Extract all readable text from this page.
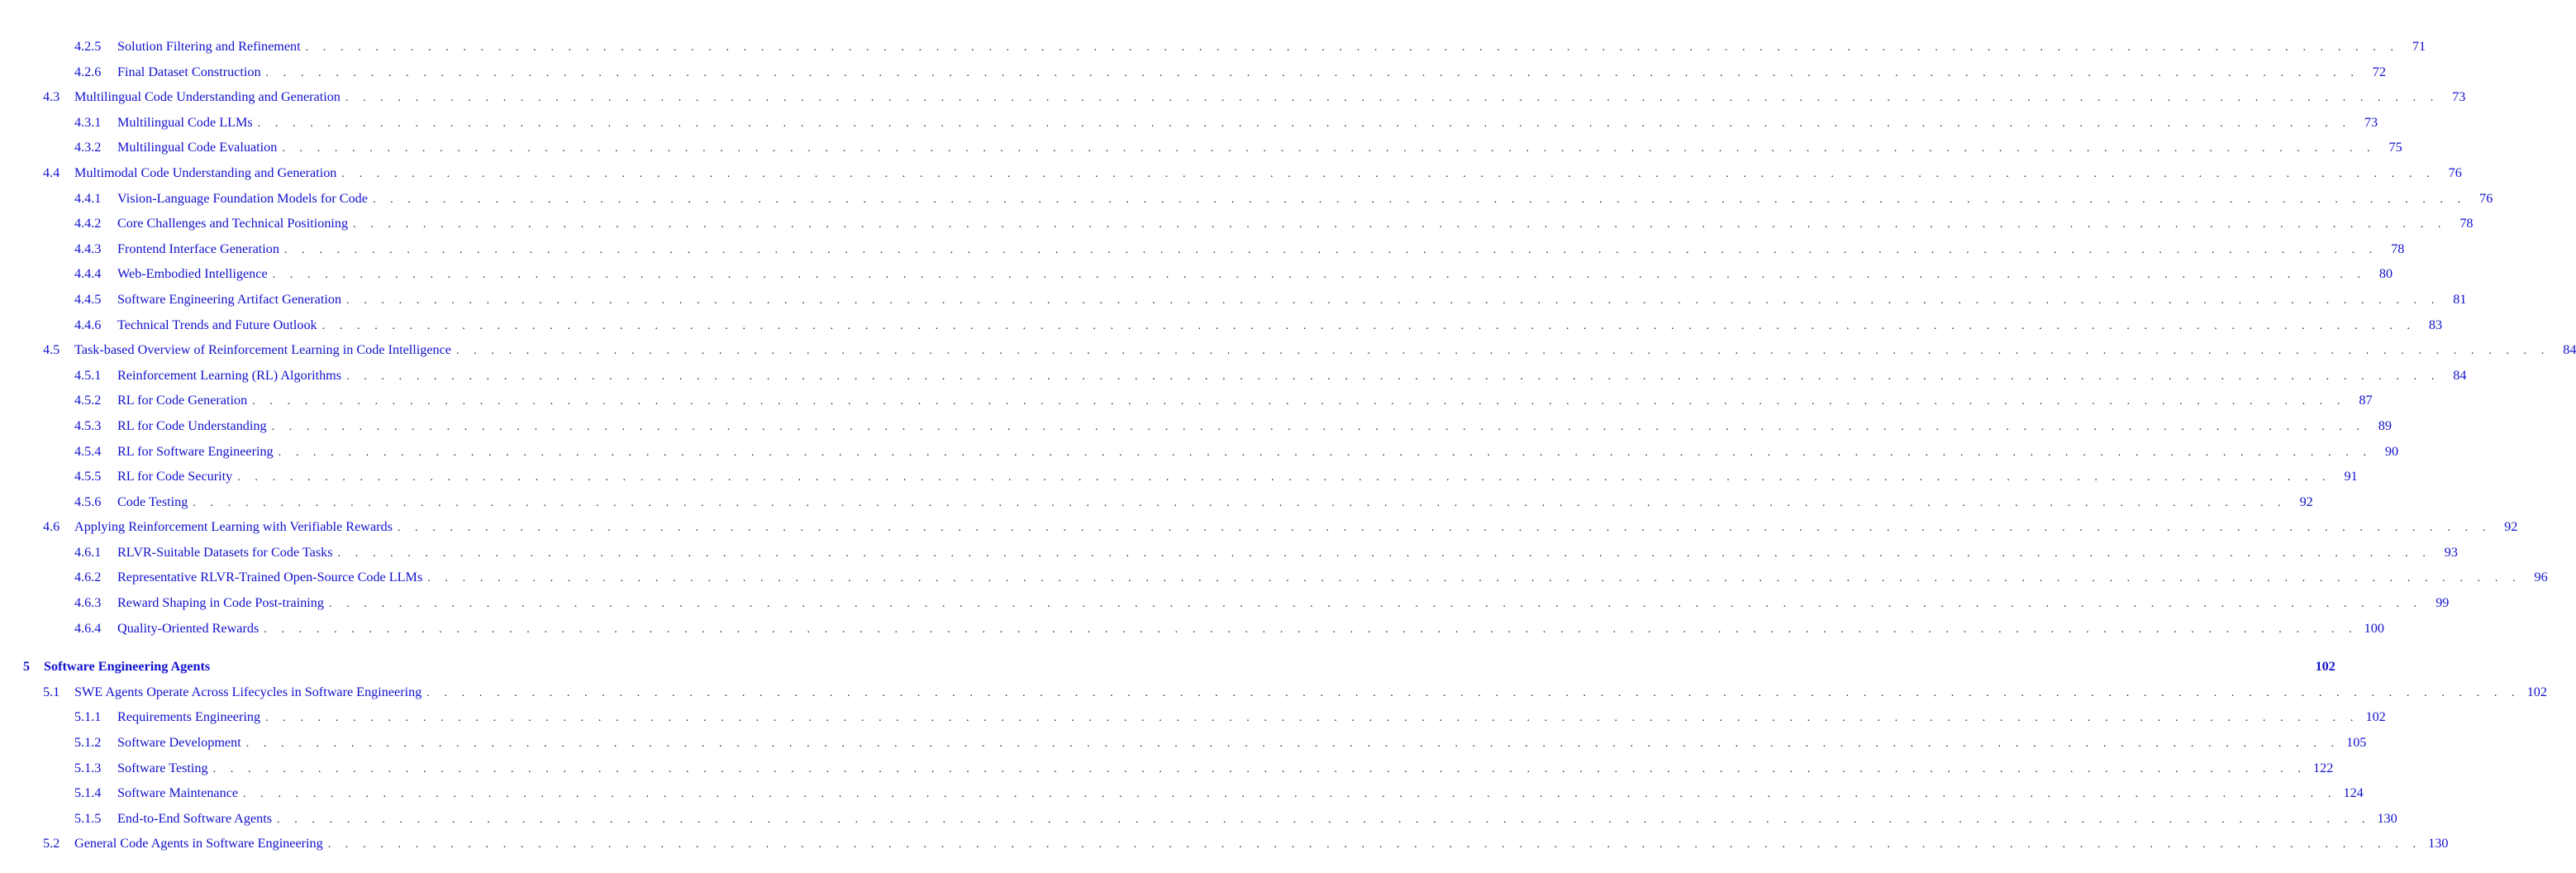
4.2.5 Solution Filtering and Refinement . . . . . . . . . . . . . . . . . . . . . . . . . . . . . . . . . . . . . . . . . . . . . . . . . . . . . . . . . . . . . . . . . . . . . . . . . . . . . . . . . . . . . . . . . . . . . . . . . . . . . . . . . . . . . . . . . . . . . . . . 71
4.2.6 Final Dataset Construction . . . . . . . . . . . . . . . . . . . . . . . . . . . . . . . . . . . . . . . . . . . . . . . . . . . . . . . . . . . . . . . . . . . . . . . . . . . . . . . . . . . . . . . . . . . . . . . . . . . . . . . . . . . . . . . . . . . . . . . . 72
4.3 Multilingual Code Understanding and Generation . . . . . . . . . . . . . . . . . . . . . . . . . . . . . . . . . . . . . . . . . . . . . . . . . . . . . . . . . . . . . . . . . . . . . . . . . . . . . . . . . . . . . . . . . . . . . . . . . . . . . . . . . . . . . . . . . . . . . . . . 73
4.3.1 Multilingual Code LLMs . . . . . . . . . . . . . . . . . . . . . . . . . . . . . . . . . . . . . . . . . . . . . . . . . . . . . . . . . . . . . . . . . . . . . . . . . . . . . . . . . . . . . . . . . . . . . . . . . . . . . . . . . . . . . . . . . . . . . . . . 73
4.3.2 Multilingual Code Evaluation . . . . . . . . . . . . . . . . . . . . . . . . . . . . . . . . . . . . . . . . . . . . . . . . . . . . . . . . . . . . . . . . . . . . . . . . . . . . . . . . . . . . . . . . . . . . . . . . . . . . . . . . . . . . . . . . . . . . . . . . 75
4.4 Multimodal Code Understanding and Generation . . . . . . . . . . . . . . . . . . . . . . . . . . . . . . . . . . . . . . . . . . . . . . . . . . . . . . . . . . . . . . . . . . . . . . . . . . . . . . . . . . . . . . . . . . . . . . . . . . . . . . . . . . . . . . . . . . . . . . . . 76
4.4.1 Vision-Language Foundation Models for Code . . . . . . . . . . . . . . . . . . . . . . . . . . . . . . . . . . . . . . . . . . . . . . . . . . . . . . . . . . . . . . . . . . . . . . . . . . . . . . . . . . . . . . . . . . . . . . . . . . . . . . . . . . . . . . . . . . . . . . . . 76
4.4.2 Core Challenges and Technical Positioning . . . . . . . . . . . . . . . . . . . . . . . . . . . . . . . . . . . . . . . . . . . . . . . . . . . . . . . . . . . . . . . . . . . . . . . . . . . . . . . . . . . . . . . . . . . . . . . . . . . . . . . . . . . . . . . . . . . . . . . . 78
4.4.3 Frontend Interface Generation . . . . . . . . . . . . . . . . . . . . . . . . . . . . . . . . . . . . . . . . . . . . . . . . . . . . . . . . . . . . . . . . . . . . . . . . . . . . . . . . . . . . . . . . . . . . . . . . . . . . . . . . . . . . . . . . . . . . . . . . 78
4.4.4 Web-Embodied Intelligence . . . . . . . . . . . . . . . . . . . . . . . . . . . . . . . . . . . . . . . . . . . . . . . . . . . . . . . . . . . . . . . . . . . . . . . . . . . . . . . . . . . . . . . . . . . . . . . . . . . . . . . . . . . . . . . . . . . . . . . . 80
4.4.5 Software Engineering Artifact Generation . . . . . . . . . . . . . . . . . . . . . . . . . . . . . . . . . . . . . . . . . . . . . . . . . . . . . . . . . . . . . . . . . . . . . . . . . . . . . . . . . . . . . . . . . . . . . . . . . . . . . . . . . . . . . . . . . . . . . . . . 81
4.4.6 Technical Trends and Future Outlook . . . . . . . . . . . . . . . . . . . . . . . . . . . . . . . . . . . . . . . . . . . . . . . . . . . . . . . . . . . . . . . . . . . . . . . . . . . . . . . . . . . . . . . . . . . . . . . . . . . . . . . . . . . . . . . . . . . . . . . . 83
4.5 Task-based Overview of Reinforcement Learning in Code Intelligence . . . . . . . . . . . . . . . . . . . . . . . . . . . . . . . . . . . . . . . . . . . . . . . . . . . . . . . . . . . . . . . . . . . . . . . . . . . . . . . . . . . . . . . . . . . . . . . . . . . . . . . . . . . . . . . . . . . . . . . . 84
4.5.1 Reinforcement Learning (RL) Algorithms . . . . . . . . . . . . . . . . . . . . . . . . . . . . . . . . . . . . . . . . . . . . . . . . . . . . . . . . . . . . . . . . . . . . . . . . . . . . . . . . . . . . . . . . . . . . . . . . . . . . . . . . . . . . . . . . . . . . . . . . 84
4.5.2 RL for Code Generation . . . . . . . . . . . . . . . . . . . . . . . . . . . . . . . . . . . . . . . . . . . . . . . . . . . . . . . . . . . . . . . . . . . . . . . . . . . . . . . . . . . . . . . . . . . . . . . . . . . . . . . . . . . . . . . . . . . . . . . . 87
4.5.3 RL for Code Understanding . . . . . . . . . . . . . . . . . . . . . . . . . . . . . . . . . . . . . . . . . . . . . . . . . . . . . . . . . . . . . . . . . . . . . . . . . . . . . . . . . . . . . . . . . . . . . . . . . . . . . . . . . . . . . . . . . . . . . . . . 89
4.5.4 RL for Software Engineering . . . . . . . . . . . . . . . . . . . . . . . . . . . . . . . . . . . . . . . . . . . . . . . . . . . . . . . . . . . . . . . . . . . . . . . . . . . . . . . . . . . . . . . . . . . . . . . . . . . . . . . . . . . . . . . . . . . . . . . . 90
4.5.5 RL for Code Security . . . . . . . . . . . . . . . . . . . . . . . . . . . . . . . . . . . . . . . . . . . . . . . . . . . . . . . . . . . . . . . . . . . . . . . . . . . . . . . . . . . . . . . . . . . . . . . . . . . . . . . . . . . . . . . . . . . . . . . . 91
4.5.6 Code Testing . . . . . . . . . . . . . . . . . . . . . . . . . . . . . . . . . . . . . . . . . . . . . . . . . . . . . . . . . . . . . . . . . . . . . . . . . . . . . . . . . . . . . . . . . . . . . . . . . . . . . . . . . . . . . . . . . . . . . . . . 92
4.6 Applying Reinforcement Learning with Verifiable Rewards . . . . . . . . . . . . . . . . . . . . . . . . . . . . . . . . . . . . . . . . . . . . . . . . . . . . . . . . . . . . . . . . . . . . . . . . . . . . . . . . . . . . . . . . . . . . . . . . . . . . . . . . . . . . . . . . . . . . . . . . 92
4.6.1 RLVR-Suitable Datasets for Code Tasks . . . . . . . . . . . . . . . . . . . . . . . . . . . . . . . . . . . . . . . . . . . . . . . . . . . . . . . . . . . . . . . . . . . . . . . . . . . . . . . . . . . . . . . . . . . . . . . . . . . . . . . . . . . . . . . . . . . . . . . . 93
4.6.2 Representative RLVR-Trained Open-Source Code LLMs . . . . . . . . . . . . . . . . . . . . . . . . . . . . . . . . . . . . . . . . . . . . . . . . . . . . . . . . . . . . . . . . . . . . . . . . . . . . . . . . . . . . . . . . . . . . . . . . . . . . . . . . . . . . . . . . . . . . . . . . 96
4.6.3 Reward Shaping in Code Post-training . . . . . . . . . . . . . . . . . . . . . . . . . . . . . . . . . . . . . . . . . . . . . . . . . . . . . . . . . . . . . . . . . . . . . . . . . . . . . . . . . . . . . . . . . . . . . . . . . . . . . . . . . . . . . . . . . . . . . . . . 99
4.6.4 Quality-Oriented Rewards . . . . . . . . . . . . . . . . . . . . . . . . . . . . . . . . . . . . . . . . . . . . . . . . . . . . . . . . . . . . . . . . . . . . . . . . . . . . . . . . . . . . . . . . . . . . . . . . . . . . . . . . . . . . . . . . . . . . . . . . 100
5 Software Engineering Agents	102
5.1 SWE Agents Operate Across Lifecycles in Software Engineering . . . . . . . . . . . . . . . . . . . . . . . . . . . . . . . . . . . . . . . . . . . . . . . . . . . . . . . . . . . . . . . . . . . . . . . . . . . . . . . . . . . . . . . . . . . . . . . . . . . . . . . . . . . . . . . . . . . . . . . . 102
5.1.1 Requirements Engineering . . . . . . . . . . . . . . . . . . . . . . . . . . . . . . . . . . . . . . . . . . . . . . . . . . . . . . . . . . . . . . . . . . . . . . . . . . . . . . . . . . . . . . . . . . . . . . . . . . . . . . . . . . . . . . . . . . . . . . . . 102
5.1.2 Software Development . . . . . . . . . . . . . . . . . . . . . . . . . . . . . . . . . . . . . . . . . . . . . . . . . . . . . . . . . . . . . . . . . . . . . . . . . . . . . . . . . . . . . . . . . . . . . . . . . . . . . . . . . . . . . . . . . . . . . . . . 105
5.1.3 Software Testing . . . . . . . . . . . . . . . . . . . . . . . . . . . . . . . . . . . . . . . . . . . . . . . . . . . . . . . . . . . . . . . . . . . . . . . . . . . . . . . . . . . . . . . . . . . . . . . . . . . . . . . . . . . . . . . . . . . . . . . . 122
5.1.4 Software Maintenance . . . . . . . . . . . . . . . . . . . . . . . . . . . . . . . . . . . . . . . . . . . . . . . . . . . . . . . . . . . . . . . . . . . . . . . . . . . . . . . . . . . . . . . . . . . . . . . . . . . . . . . . . . . . . . . . . . . . . . . . 124
5.1.5 End-to-End Software Agents . . . . . . . . . . . . . . . . . . . . . . . . . . . . . . . . . . . . . . . . . . . . . . . . . . . . . . . . . . . . . . . . . . . . . . . . . . . . . . . . . . . . . . . . . . . . . . . . . . . . . . . . . . . . . . . . . . . . . . . . 130
5.2 General Code Agents in Software Engineering . . . . . . . . . . . . . . . . . . . . . . . . . . . . . . . . . . . . . . . . . . . . . . . . . . . . . . . . . . . . . . . . . . . . . . . . . . . . . . . . . . . . . . . . . . . . . . . . . . . . . . . . . . . . . . . . . . . . . . . . 130
